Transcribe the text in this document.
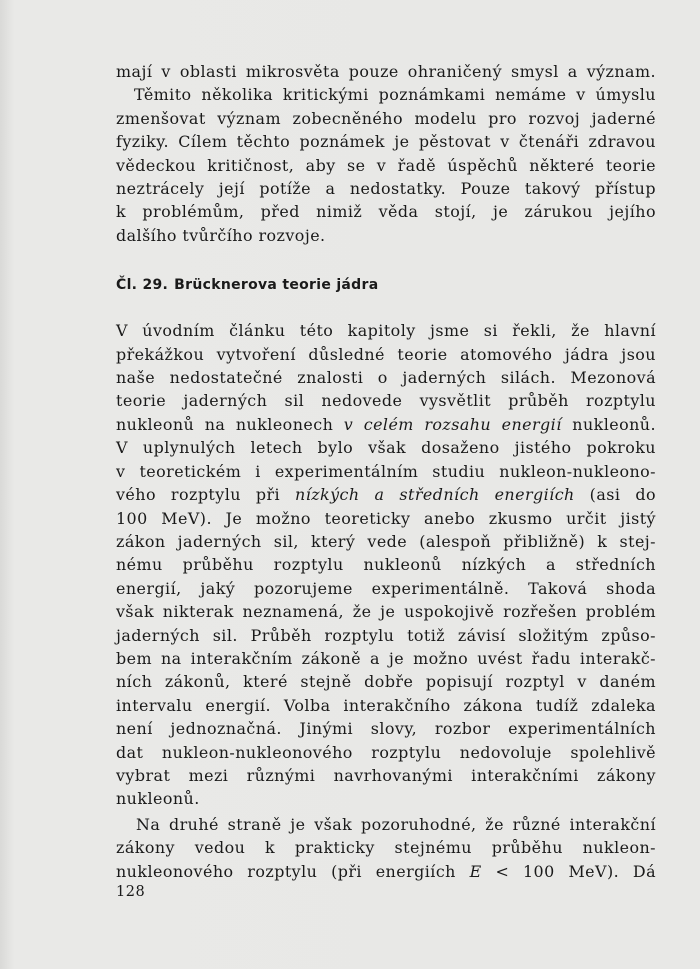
mají v oblasti mikrosvěta pouze ohraničený smysl a význam.
Těmito několika kritickými poznámkami nemáme v úmyslu
zmenšovat význam zobecněného modelu pro rozvoj jaderné
fyziky. Cílem těchto poznámek je pěstovat v čtenáři zdravou
vědeckou kritičnost, aby se v řadě úspěchů některé teorie
neztrácely její potíže a nedostatky. Pouze takový přístup
k problémům, před nimiž věda stojí, je zárukou jejího
dalšího tvůrčího rozvoje.
Čl. 29. Brücknerova teorie jádra
V úvodním článku této kapitoly jsme si řekli, že hlavní
překážkou vytvoření důsledné teorie atomového jádra jsou
naše nedostatečné znalosti o jaderných silách. Mezonová
teorie jaderných sil nedovede vysvětlit průběh rozptylu
nukleonů na nukleonech v celém rozsahu energií nukleonů.
V uplynulých letech bylo však dosaženo jistého pokroku
v teoretickém i experimentálním studiu nukleon-nukleono-
vého rozptylu při nízkých a středních energiích (asi do
100 MeV). Je možno teoreticky anebo zkusmo určit jistý
zákon jaderných sil, který vede (alespoň přibližně) k stej-
nému průběhu rozptylu nukleonů nízkých a středních
energií, jaký pozorujeme experimentálně. Taková shoda
však nikterak neznamená, že je uspokojivě rozřešen problém
jaderných sil. Průběh rozptylu totiž závisí složitým způso-
bem na interakčním zákoně a je možno uvést řadu interakč-
ních zákonů, které stejně dobře popisují rozptyl v daném
intervalu energií. Volba interakčního zákona tudíž zdaleka
není jednoznačná. Jinými slovy, rozbor experimentálních
dat nukleon-nukleonového rozptylu nedovoluje spolehlivě
vybrat mezi různými navrhovanými interakčními zákony
nukleonů.
Na druhé straně je však pozoruhodné, že různé interakční
zákony vedou k prakticky stejnému průběhu nukleon-
nukleonového rozptylu (při energiích E < 100 MeV). Dá
128
